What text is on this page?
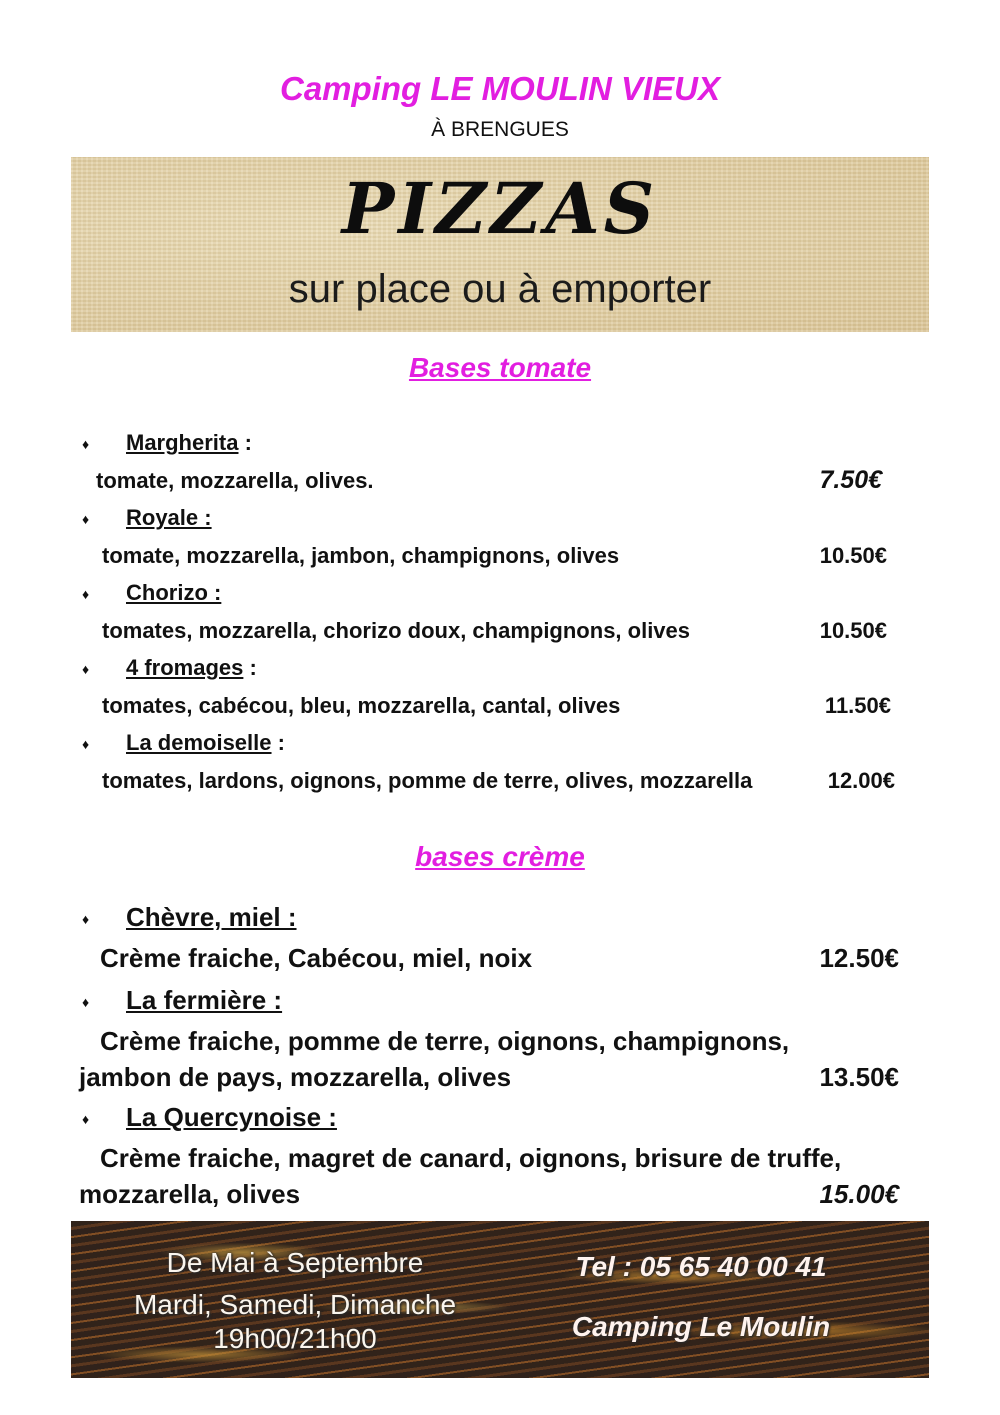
Camping LE MOULIN VIEUX
À BRENGUES
PIZZAS
sur place ou à emporter
Bases tomate
♦ Margherita :
tomate, mozzarella, olives.	7.50€
♦ Royale :
tomate, mozzarella, jambon, champignons, olives	10.50€
♦ Chorizo :
tomates, mozzarella, chorizo doux, champignons, olives	10.50€
♦ 4 fromages :
tomates, cabécou, bleu, mozzarella, cantal, olives	11.50€
♦ La demoiselle :
tomates, lardons, oignons, pomme de terre, olives, mozzarella	12.00€
bases crème
♦ Chèvre, miel :
Crème fraiche, Cabécou, miel, noix	12.50€
♦ La fermière :
Crème fraiche, pomme de terre, oignons, champignons,
jambon de pays, mozzarella, olives	13.50€
♦ La Quercynoise :
Crème fraiche, magret de canard, oignons, brisure de truffe,
mozzarella, olives	15.00€
De Mai à Septembre
Mardi, Samedi, Dimanche
19h00/21h00
Tel : 05 65 40 00 41
Camping Le Moulin
